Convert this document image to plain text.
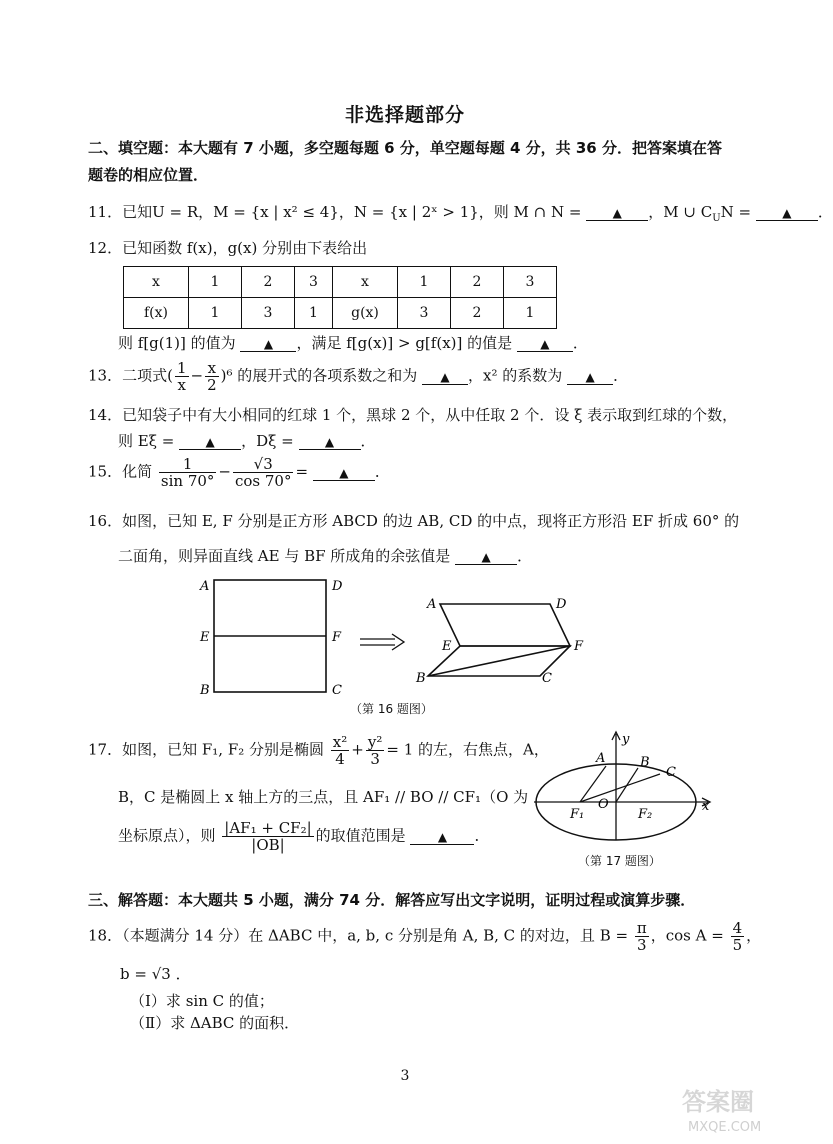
非选择题部分
二、填空题：本大题有 7 小题，多空题每题 6 分，单空题每题 4 分，共 36 分．把答案填在答
题卷的相应位置．
11．已知U = R，M = {x | x² ≤ 4}，N = {x | 2ˣ > 1}，则 M ∩ N =	▲ ，M ∪ $C_UN$ =	▲ ．
12．已知函数 f(x)，g(x) 分别由下表给出
x	1	2	3	x	1	2	3
f(x)	1	3	1	g(x)	3	2	1
则 f[g(1)] 的值为 ▲ ，满足 f[g(x)] > g[f(x)] 的值是 ▲ ．
13．二项式( $\frac{1}{x} - \frac{x}{2} )^6$ 的展开式的各项系数之和为 ▲ ，x² 的系数为 ▲ ．
14．已知袋子中有大小相同的红球 1 个，黑球 2 个，从中任取 2 个．设 ξ 表示取到红球的个数，
则 Eξ =	▲ ，Dξ =	▲ ．
15．化简 $\frac{1}{\sin 70^\circ} - \frac{√3}{\cos 70^\circ}$ =	▲ ．
16．如图，已知 E, F 分别是正方形 ABCD 的边 AB, CD 的中点，现将正方形沿 EF 折成 60° 的
二面角，则异面直线 AE 与 BF 所成角的余弦值是	▲ ．
A	D
E	F
B	C
A	D
E	F
B	C
（第 16 题图）
17．如图，已知 F₁, F₂ 分别是椭圆 $\frac{\text{x²}}{4} + \frac{\text{y²}}{3} = 1$ 的左，右焦点，A，
B，C 是椭圆上 x 轴上方的三点，且 AF₁ // BO // CF₁（O 为
坐标原点），则 $\frac{\text{|AF₁ + CF₂|}}{|OB|}$ 的取值范围是	▲ ．
A
y
B
C
O	x
F₁	F₂
（第 17 题图）
三、解答题：本大题共 5 小题，满分 74 分．解答应写出文字说明，证明过程或演算步骤．
18．（本题满分 14 分）在 ΔABC 中，a, b, c 分别是角 A, B, C 的对边，且 $B = \frac{\pi}{3}$ ，$\cos A = \frac{4}{5}$ ，
b = √3 ．
（Ⅰ）求 sin C 的值；
（Ⅱ）求 ΔABC 的面积．
3
答案圈
MXQE.COM
